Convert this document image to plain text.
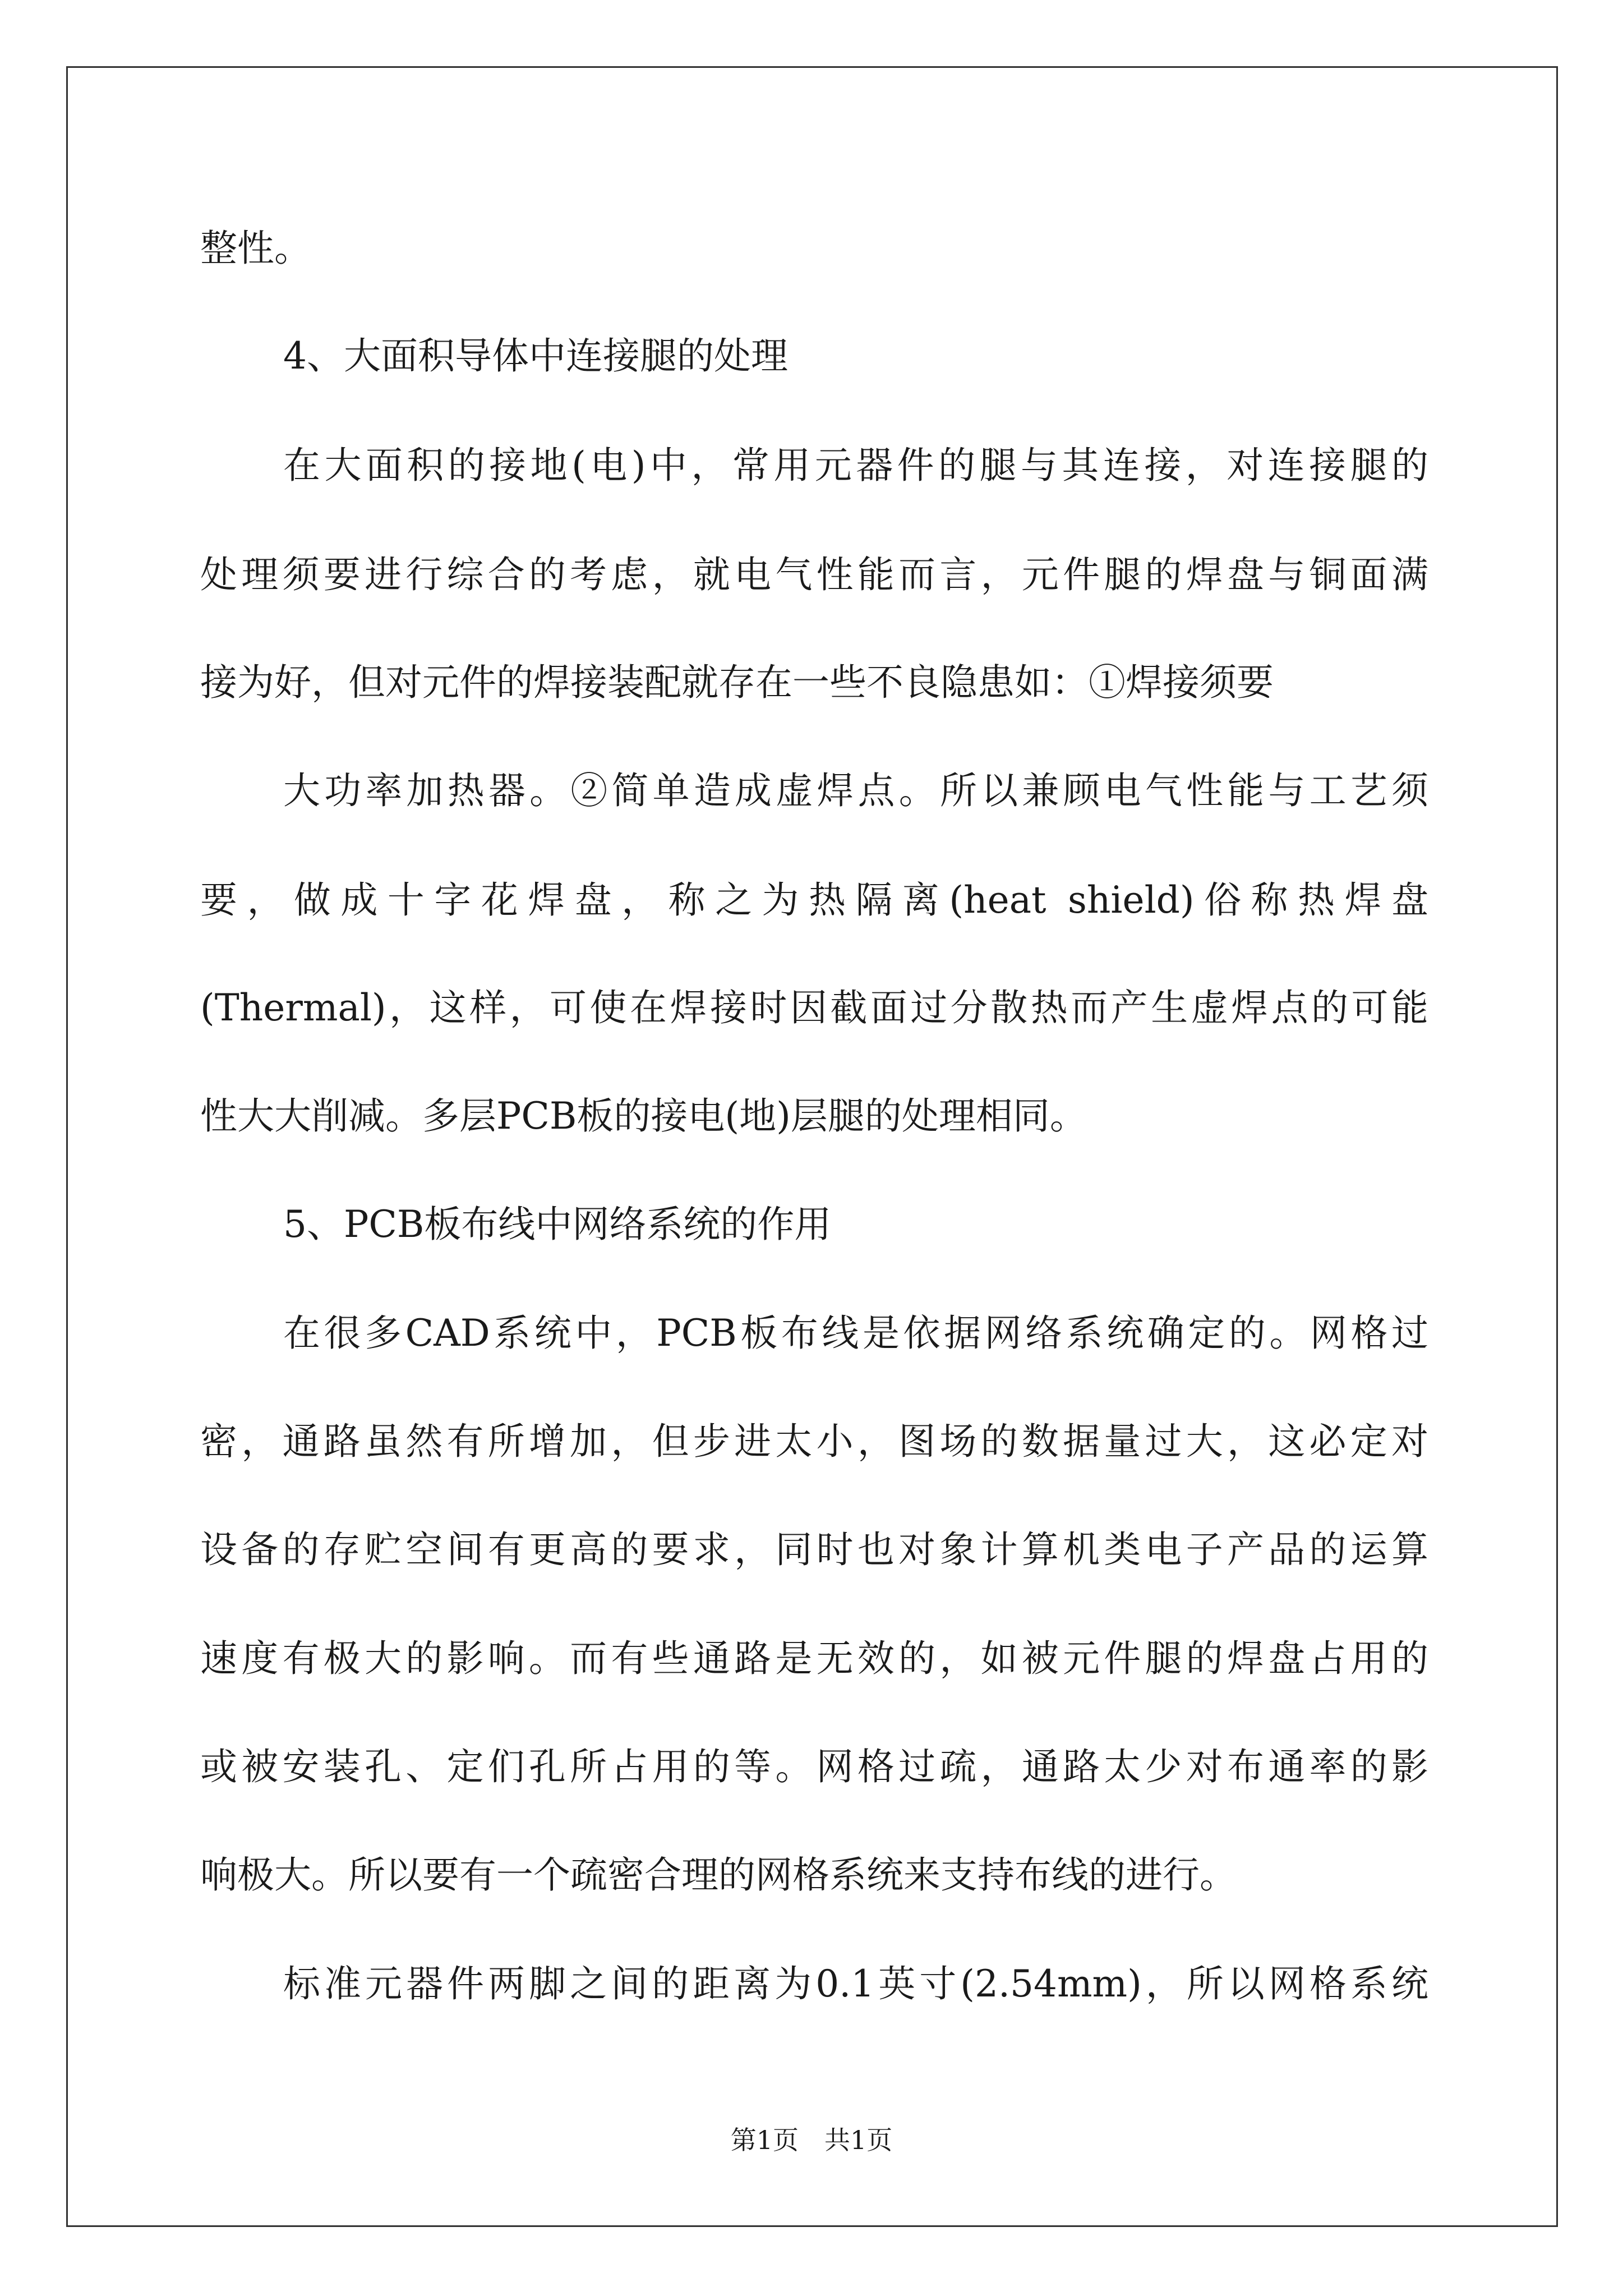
整性。
4、大面积导体中连接腿的处理
在大面积的接地(电)中，常用元器件的腿与其连接，对连接腿的
处理须要进行综合的考虑，就电气性能而言，元件腿的焊盘与铜面满
接为好，但对元件的焊接装配就存在一些不良隐患如：①焊接须要
大功率加热器。②简单造成虚焊点。所以兼顾电气性能与工艺须
要，做成十字花焊盘，称之为热隔离(heat shield)俗称热焊盘
(Thermal)，这样，可使在焊接时因截面过分散热而产生虚焊点的可能
性大大削减。多层PCB板的接电(地)层腿的处理相同。
5、PCB板布线中网络系统的作用
在很多CAD系统中，PCB板布线是依据网络系统确定的。网格过
密，通路虽然有所增加，但步进太小，图场的数据量过大，这必定对
设备的存贮空间有更高的要求，同时也对象计算机类电子产品的运算
速度有极大的影响。而有些通路是无效的，如被元件腿的焊盘占用的
或被安装孔、定们孔所占用的等。网格过疏，通路太少对布通率的影
响极大。所以要有一个疏密合理的网格系统来支持布线的进行。
标准元器件两脚之间的距离为0.1英寸(2.54mm)，所以网格系统
第1页　共1页
